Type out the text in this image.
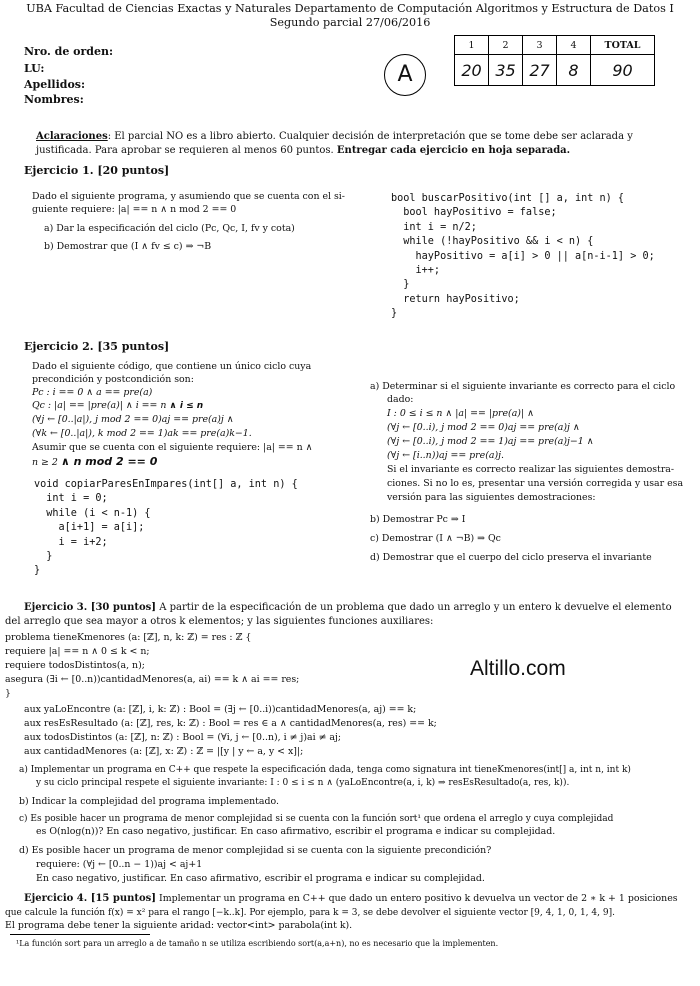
UBA Facultad de Ciencias Exactas y Naturales Departamento de Computación Algoritmos y Estructura de Datos I
Segundo parcial 27/06/2016
Nro. de orden:
LU:
Apellidos:
Nombres:
A
1	2	3	4	TOTAL
20	35	27	8	90
Aclaraciones: El parcial NO es a libro abierto. Cualquier decisión de interpretación que se tome debe ser aclarada y
justificada. Para aprobar se requieren al menos 60 puntos. Entregar cada ejercicio en hoja separada.
Ejercicio 1. [20 puntos]
Dado el siguiente programa, y asumiendo que se cuenta con el si-
guiente requiere: |a| == n ∧ n mod 2 == 0
a) Dar la especificación del ciclo (Pc, Qc, I, fv y cota)
b) Demostrar que (I ∧ fv ≤ c) ⇒ ¬B
bool buscarPositivo(int [] a, int n) {
bool hayPositivo = false;
int i = n/2;
while (!hayPositivo && i < n) {
hayPositivo = a[i] > 0 || a[n-i-1] > 0;
i++;
}
return hayPositivo;
}
Ejercicio 2. [35 puntos]
Dado el siguiente código, que contiene un único ciclo cuya
precondición y postcondición son:
Pc : i == 0 ∧ a == pre(a)
Qc : |a| == |pre(a)| ∧ i == n ∧ i ≤ n
(∀j ← [0..|a|), j mod 2 == 0)aj == pre(a)j ∧
(∀k ← [0..|a|), k mod 2 == 1)ak == pre(a)k−1.
Asumir que se cuenta con el siguiente requiere: |a| == n ∧
n ≥ 2 ∧ n mod 2 == 0
void copiarParesEnImpares(int[] a, int n) {
int i = 0;
while (i < n-1) {
a[i+1] = a[i];
i = i+2;
}
}
a) Determinar si el siguiente invariante es correcto para el ciclo
dado:
I : 0 ≤ i ≤ n ∧ |a| == |pre(a)| ∧
(∀j ← [0..i), j mod 2 == 0)aj == pre(a)j ∧
(∀j ← [0..i), j mod 2 == 1)aj == pre(a)j−1 ∧
(∀j ← [i..n))aj == pre(a)j.
Si el invariante es correcto realizar las siguientes demostra-
ciones. Si no lo es, presentar una versión corregida y usar esa
versión para las siguientes demostraciones:
b) Demostrar Pc ⇒ I
c) Demostrar (I ∧ ¬B) ⇒ Qc
d) Demostrar que el cuerpo del ciclo preserva el invariante
Ejercicio 3. [30 puntos] A partir de la especificación de un problema que dado un arreglo y un entero k devuelve el elemento
del arreglo que sea mayor a otros k elementos; y las siguientes funciones auxiliares:
problema tieneKmenores (a: [ℤ], n, k: ℤ) = res : ℤ {
requiere |a| == n ∧ 0 ≤ k < n;
requiere todosDistintos(a, n);
asegura (∃i ← [0..n))cantidadMenores(a, ai) == k ∧ ai == res;
}
Altillo.com
aux yaLoEncontre (a: [ℤ], i, k: ℤ) : Bool = (∃j ← [0..i))cantidadMenores(a, aj) == k;
aux resEsResultado (a: [ℤ], res, k: ℤ) : Bool = res ∈ a ∧ cantidadMenores(a, res) == k;
aux todosDistintos (a: [ℤ], n: ℤ) : Bool = (∀i, j ← [0..n), i ≠ j)ai ≠ aj;
aux cantidadMenores (a: [ℤ], x: ℤ) : ℤ = |[y | y ← a, y < x]|;
a) Implementar un programa en C++ que respete la especificación dada, tenga como signatura int tieneKmenores(int[] a, int n, int k)
y su ciclo principal respete el siguiente invariante: I : 0 ≤ i ≤ n ∧ (yaLoEncontre(a, i, k) ⇒ resEsResultado(a, res, k)).
b) Indicar la complejidad del programa implementado.
c) Es posible hacer un programa de menor complejidad si se cuenta con la función sort¹ que ordena el arreglo y cuya complejidad
es O(nlog(n))? En caso negativo, justificar. En caso afirmativo, escribir el programa e indicar su complejidad.
d) Es posible hacer un programa de menor complejidad si se cuenta con la siguiente precondición?
requiere: (∀j ← [0..n − 1))aj < aj+1
En caso negativo, justificar. En caso afirmativo, escribir el programa e indicar su complejidad.
Ejercicio 4. [15 puntos] Implementar un programa en C++ que dado un entero positivo k devuelva un vector de 2 ∗ k + 1 posiciones
que calcule la función f(x) = x² para el rango [−k..k]. Por ejemplo, para k = 3, se debe devolver el siguiente vector [9, 4, 1, 0, 1, 4, 9].
El programa debe tener la siguiente aridad: vector<int> parabola(int k).
¹La función sort para un arreglo a de tamaño n se utiliza escribiendo sort(a,a+n), no es necesario que la implementen.
